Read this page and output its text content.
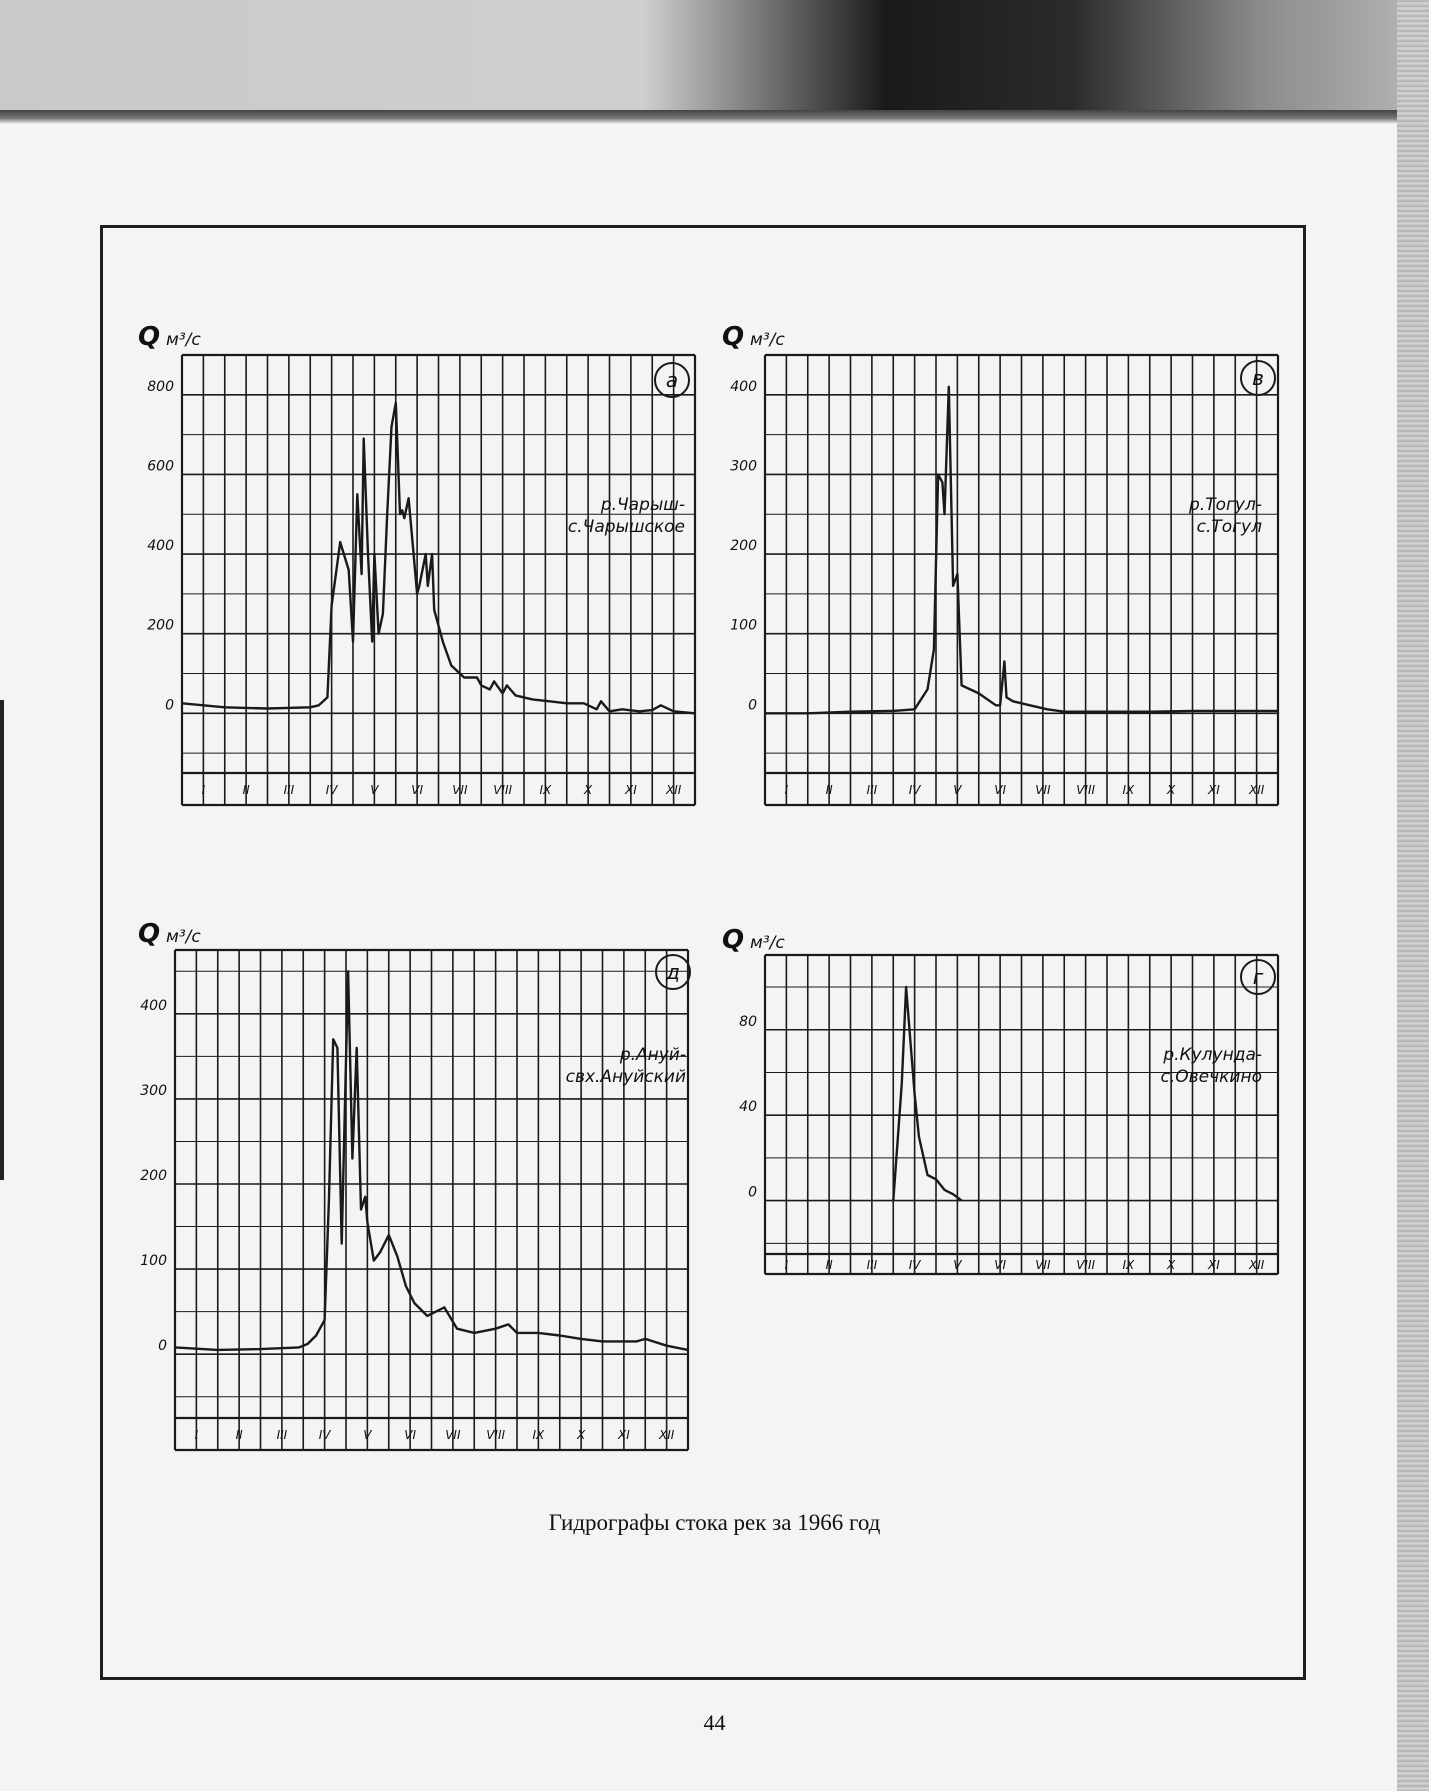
I	II	III	IV	V	VI VII VIII IX	X	XI XII
0
200
400
600
800
Q м³/с
р.Чарыш-
с.Чарышское
а
I	II	III	IV	V	VI VII VIII IX	X	XI XII
0
100
200
300
400
Q м³/с
р.Тогул-
с.Тогул
в
I	II	III	IV	V	VI VII VIII IX	X	XI XII
0
100
200
300
400
Q м³/с
р.Ануй-
свх.Ануйский
д
I	II	III	IV	V	VI VII VIII IX	X	XI XII
0
40
80
Q м³/с
р.Кулунда-
с.Овечкино
г
Гидрографы стока рек за 1966 год
44
